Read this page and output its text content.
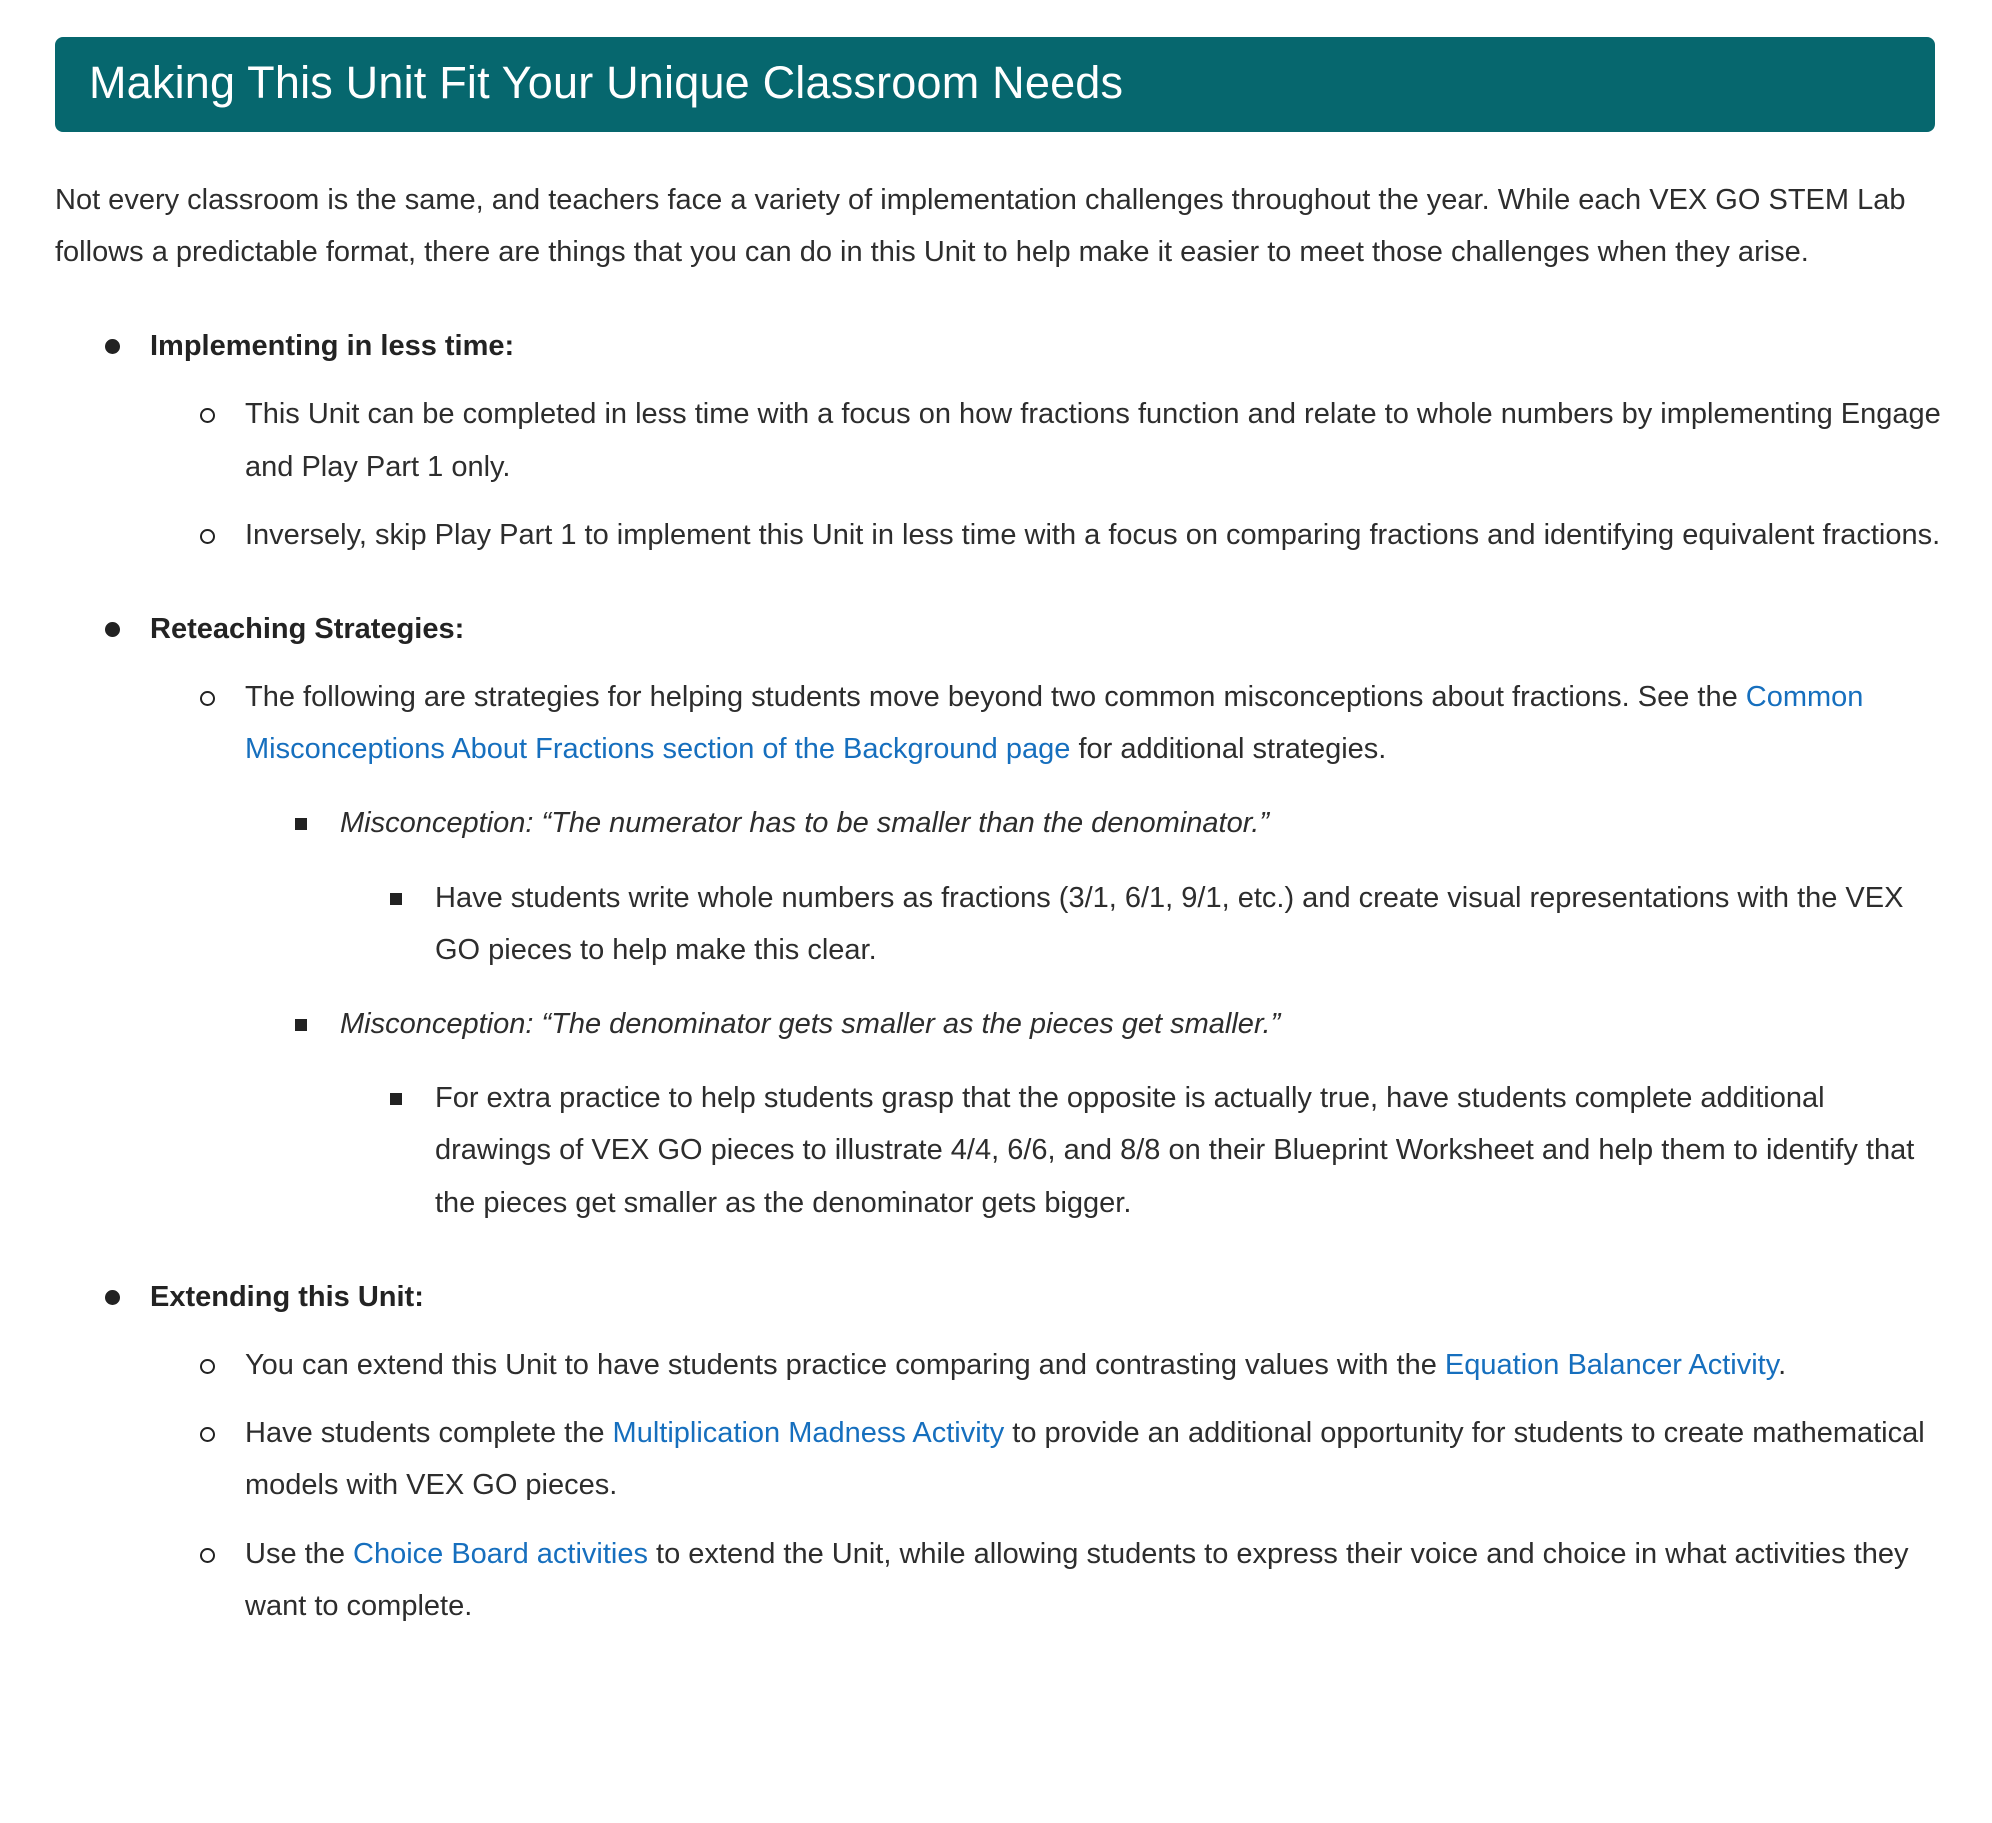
Making This Unit Fit Your Unique Classroom Needs

Not every classroom is the same, and teachers face a variety of implementation challenges throughout the year. While each VEX GO STEM Lab follows a predictable format, there are things that you can do in this Unit to help make it easier to meet those challenges when they arise.

Implementing in less time:
This Unit can be completed in less time with a focus on how fractions function and relate to whole numbers by implementing Engage and Play Part 1 only.
Inversely, skip Play Part 1 to implement this Unit in less time with a focus on comparing fractions and identifying equivalent fractions.
Reteaching Strategies:
The following are strategies for helping students move beyond two common misconceptions about fractions. See the Common Misconceptions About Fractions section of the Background page for additional strategies.
Misconception: “The numerator has to be smaller than the denominator.”
Have students write whole numbers as fractions (3/1, 6/1, 9/1, etc.) and create visual representations with the VEX GO pieces to help make this clear.
Misconception: “The denominator gets smaller as the pieces get smaller.”
For extra practice to help students grasp that the opposite is actually true, have students complete additional drawings of VEX GO pieces to illustrate 4/4, 6/6, and 8/8 on their Blueprint Worksheet and help them to identify that the pieces get smaller as the denominator gets bigger.
Extending this Unit:
You can extend this Unit to have students practice comparing and contrasting values with the Equation Balancer Activity.
Have students complete the Multiplication Madness Activity to provide an additional opportunity for students to create mathematical models with VEX GO pieces.
Use the Choice Board activities to extend the Unit, while allowing students to express their voice and choice in what activities they want to complete.
